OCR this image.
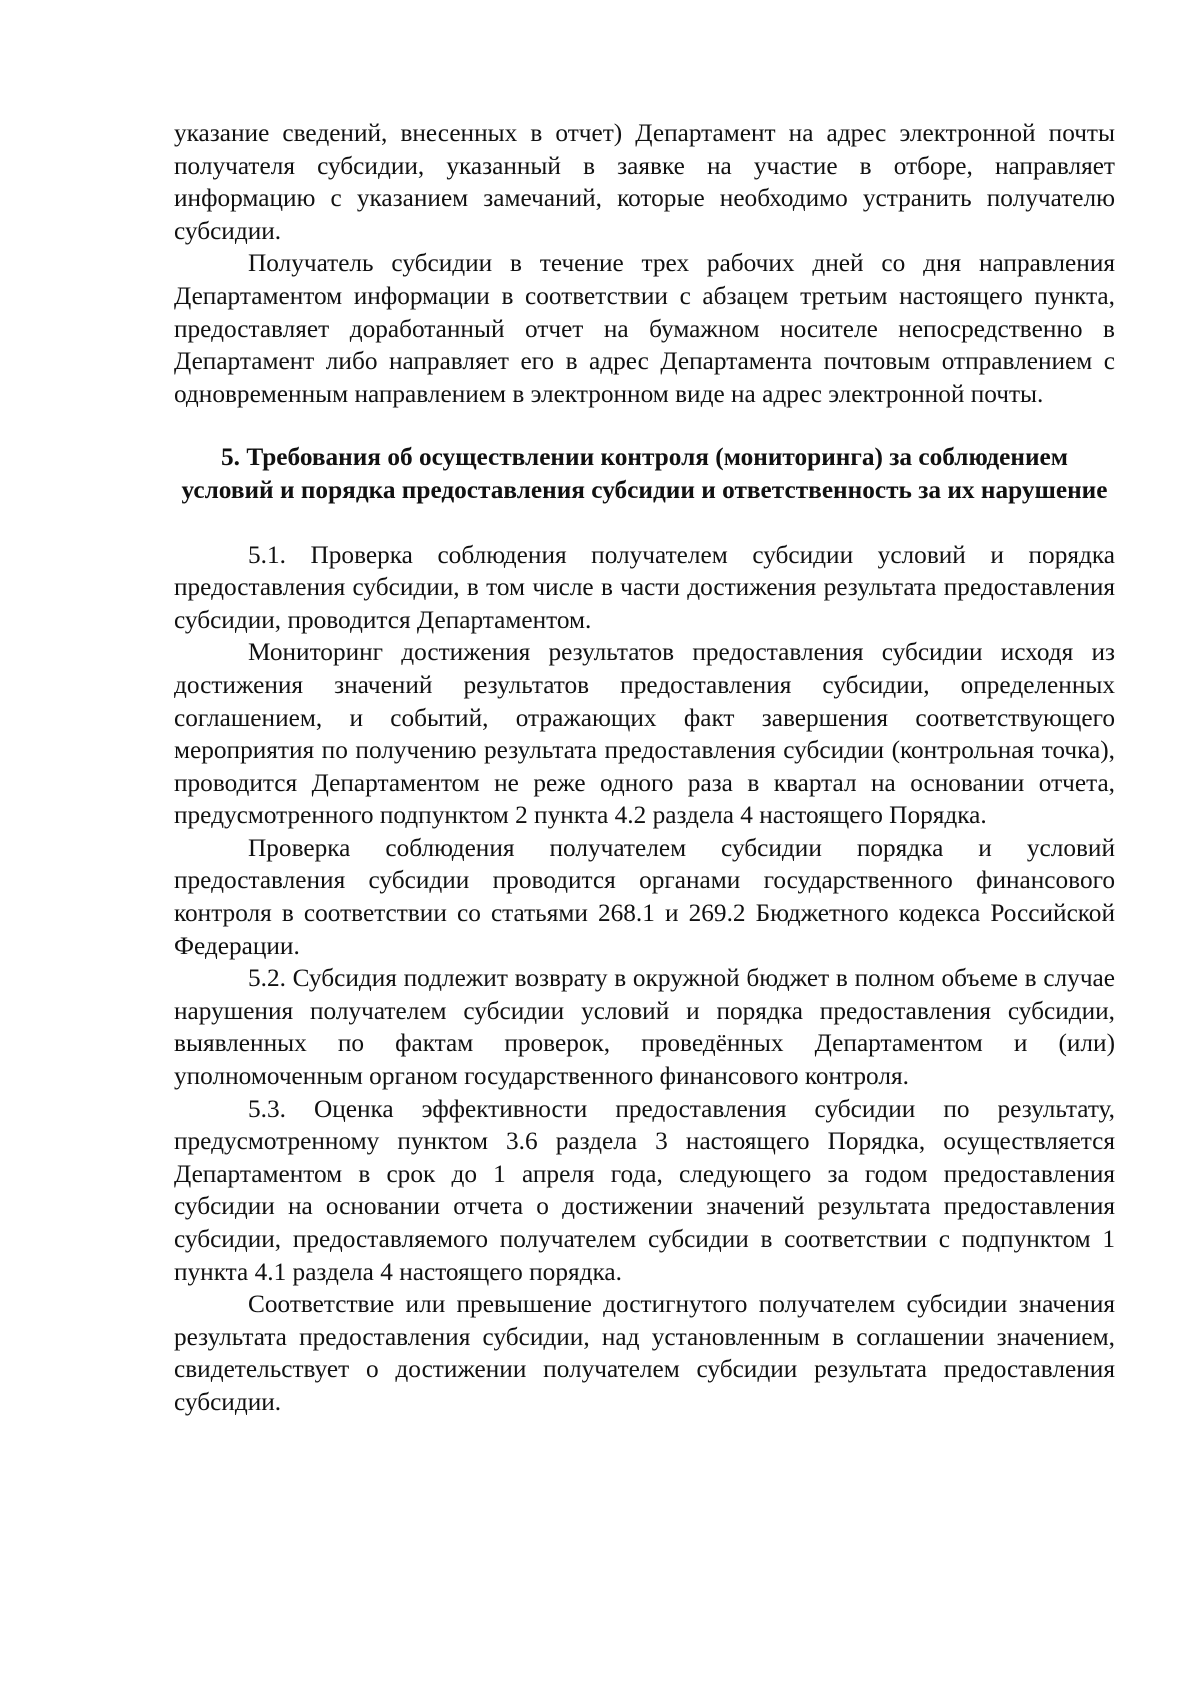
указание сведений, внесенных в отчет) Департамент на адрес электронной почты получателя субсидии, указанный в заявке на участие в отборе, направляет информацию с указанием замечаний, которые необходимо устранить получателю субсидии.

Получатель субсидии в течение трех рабочих дней со дня направления Департаментом информации в соответствии с абзацем третьим настоящего пункта, предоставляет доработанный отчет на бумажном носителе непосредственно в Департамент либо направляет его в адрес Департамента почтовым отправлением с одновременным направлением в электронном виде на адрес электронной почты.

5. Требования об осуществлении контроля (мониторинга) за соблюдением условий и порядка предоставления субсидии и ответственность за их нарушение

5.1. Проверка соблюдения получателем субсидии условий и порядка предоставления субсидии, в том числе в части достижения результата предоставления субсидии, проводится Департаментом.

Мониторинг достижения результатов предоставления субсидии исходя из достижения значений результатов предоставления субсидии, определенных соглашением, и событий, отражающих факт завершения соответствующего мероприятия по получению результата предоставления субсидии (контрольная точка), проводится Департаментом не реже одного раза в квартал на основании отчета, предусмотренного подпунктом 2 пункта 4.2 раздела 4 настоящего Порядка.

Проверка соблюдения получателем субсидии порядка и условий предоставления субсидии проводится органами государственного финансового контроля в соответствии со статьями 268.1 и 269.2 Бюджетного кодекса Российской Федерации.

5.2. Субсидия подлежит возврату в окружной бюджет в полном объеме в случае нарушения получателем субсидии условий и порядка предоставления субсидии, выявленных по фактам проверок, проведённых Департаментом и (или) уполномоченным органом государственного финансового контроля.

5.3. Оценка эффективности предоставления субсидии по результату, предусмотренному пунктом 3.6 раздела 3 настоящего Порядка, осуществляется Департаментом в срок до 1 апреля года, следующего за годом предоставления субсидии на основании отчета о достижении значений результата предоставления субсидии, предоставляемого получателем субсидии в соответствии с подпунктом 1 пункта 4.1 раздела 4 настоящего порядка.

Соответствие или превышение достигнутого получателем субсидии значения результата предоставления субсидии, над установленным в соглашении значением, свидетельствует о достижении получателем субсидии результата предоставления субсидии.
